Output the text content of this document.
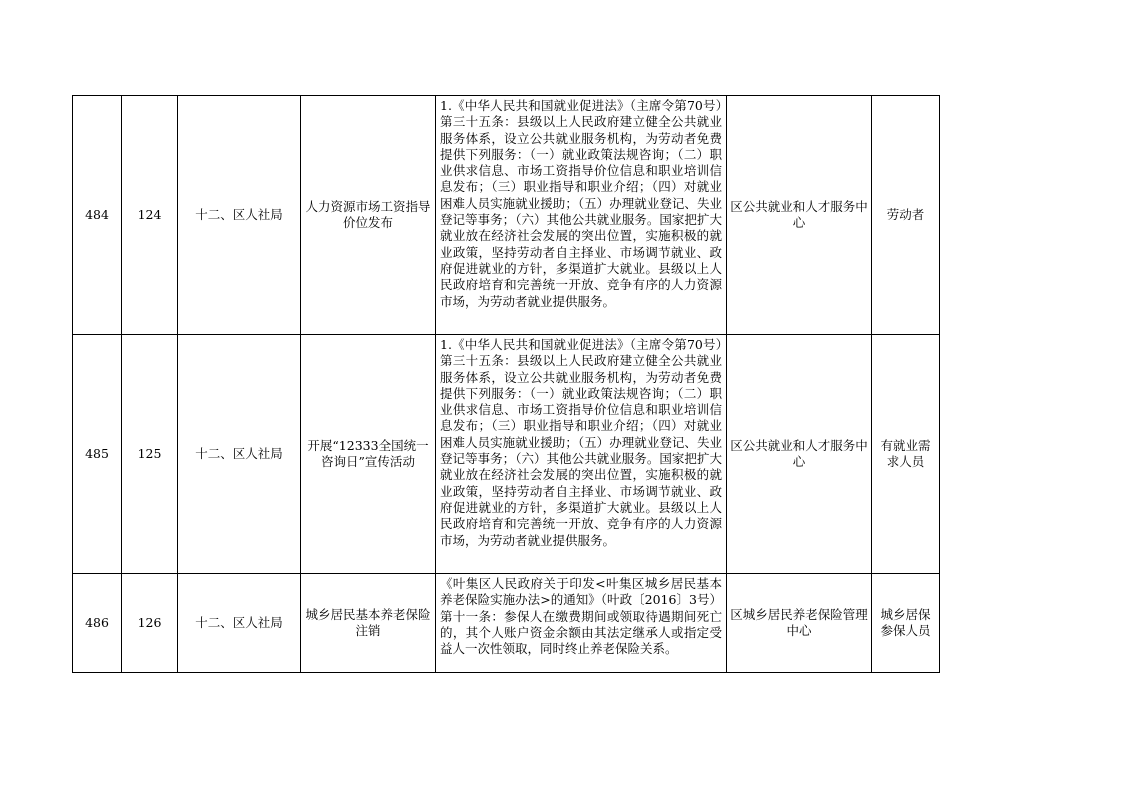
484	124	十二、区人社局	人力资源市场工资指导价位发布	1.《中华人民共和国就业促进法》（主席令第70号）第三十五条：县级以上人民政府建立健全公共就业服务体系，设立公共就业服务机构，为劳动者免费提供下列服务：（一）就业政策法规咨询；（二）职业供求信息、市场工资指导价位信息和职业培训信息发布；（三）职业指导和职业介绍；（四）对就业困难人员实施就业援助；（五）办理就业登记、失业登记等事务；（六）其他公共就业服务。国家把扩大就业放在经济社会发展的突出位置，实施积极的就业政策，坚持劳动者自主择业、市场调节就业、政府促进就业的方针，多渠道扩大就业。县级以上人民政府培育和完善统一开放、竞争有序的人力资源市场，为劳动者就业提供服务。	区公共就业和人才服务中心	劳动者
485	125	十二、区人社局	开展“12333全国统一咨询日”宣传活动	1.《中华人民共和国就业促进法》（主席令第70号）第三十五条：县级以上人民政府建立健全公共就业服务体系，设立公共就业服务机构，为劳动者免费提供下列服务：（一）就业政策法规咨询；（二）职业供求信息、市场工资指导价位信息和职业培训信息发布；（三）职业指导和职业介绍；（四）对就业困难人员实施就业援助；（五）办理就业登记、失业登记等事务；（六）其他公共就业服务。国家把扩大就业放在经济社会发展的突出位置，实施积极的就业政策，坚持劳动者自主择业、市场调节就业、政府促进就业的方针，多渠道扩大就业。县级以上人民政府培育和完善统一开放、竞争有序的人力资源市场，为劳动者就业提供服务。	区公共就业和人才服务中心	有就业需求人员
486	126	十二、区人社局	城乡居民基本养老保险注销	《叶集区人民政府关于印发<叶集区城乡居民基本养老保险实施办法>的通知》（叶政〔2016〕3号）第十一条：参保人在缴费期间或领取待遇期间死亡的，其个人账户资金余额由其法定继承人或指定受益人一次性领取，同时终止养老保险关系。	区城乡居民养老保险管理中心	城乡居保参保人员
